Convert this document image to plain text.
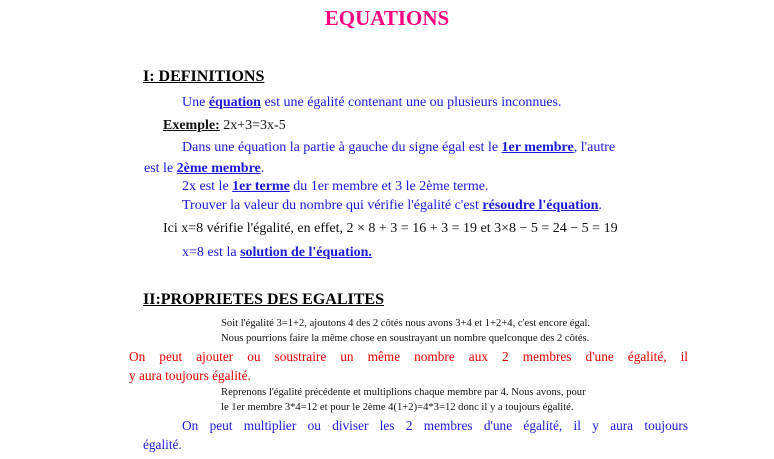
EQUATIONS
I: DEFINITIONS
Une équation est une égalité contenant une ou plusieurs inconnues.
Exemple: 2x+3=3x-5
Dans une équation la partie à gauche du signe égal est le 1er membre, l'autre
est le 2ème membre.
2x est le 1er terme du 1er membre et 3 le 2ème terme.
Trouver la valeur du nombre qui vérifie l'égalité c'est résoudre l'équation.
Ici x=8 vérifie l'égalité, en effet, 2 × 8 + 3 = 16 + 3 = 19 et 3×8 − 5 = 24 − 5 = 19
x=8 est la solution de l'équation.
II:PROPRIETES DES EGALITES
Soit l'égalité 3=1+2, ajoutons 4 des 2 côtés nous avons 3+4 et 1+2+4, c'est encore égal.
Nous pourrions faire la même chose en soustrayant un nombre quelconque des 2 côtés.
On peut ajouter ou soustraire un même nombre aux 2 membres d'une égalité, il
y aura toujours égalité.
Reprenons l'égalité précédente et multiplions chaque membre par 4. Nous avons, pour
le 1er membre 3*4=12 et pour le 2ème 4(1+2)=4*3=12 donc il y a toujours égalité.
On peut multiplier ou diviser les 2 membres d'une égalité, il y aura toujours
égalité.
